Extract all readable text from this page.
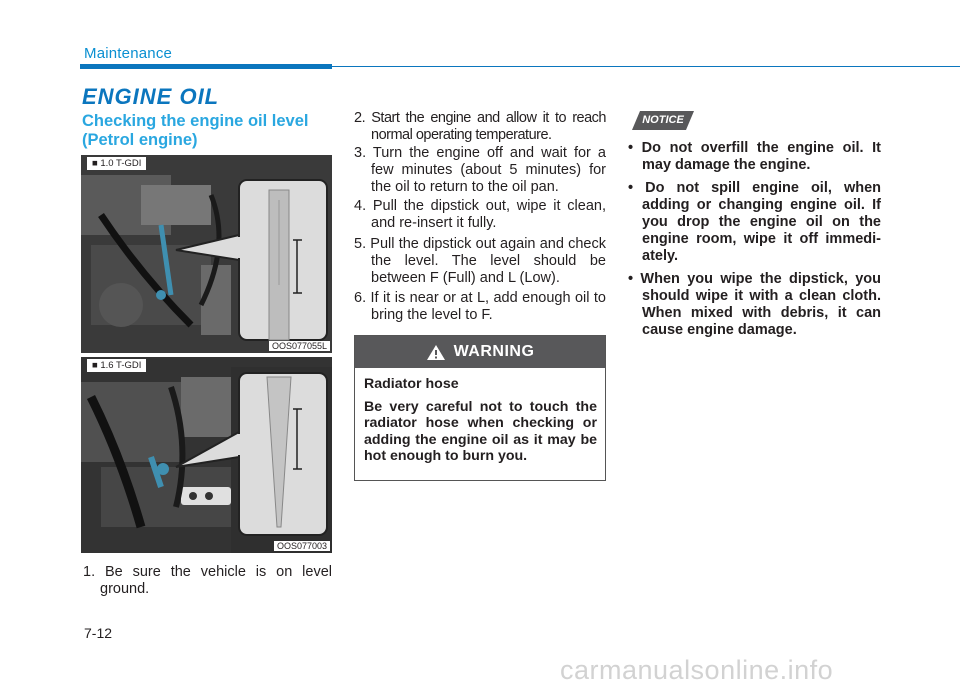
Maintenance
ENGINE OIL
Checking the engine oil level (Petrol engine)
■ 1.0 T-GDI
OOS077055L
■ 1.6 T-GDI
OOS077003
1. Be sure the vehicle is on level ground.
2. Start the engine and allow it to reach normal operating temperature.
3. Turn the engine off and wait for a few minutes (about 5 minutes) for the oil to return to the oil pan.
4. Pull the dipstick out, wipe it clean, and re-insert it fully.
5. Pull the dipstick out again and check the level. The level should be between F (Full) and L (Low).
6. If it is near or at L, add enough oil to bring the level to F.
WARNING

Radiator hose

Be very careful not to touch the radiator hose when checking or adding the engine oil as it may be hot enough to burn you.

NOTICE
• Do not overfill the engine oil. It may damage the engine.
• Do not spill engine oil, when adding or changing engine oil. If you drop the engine oil on the engine room, wipe it off immedi-ately.
• When you wipe the dipstick, you should wipe it with a clean cloth. When mixed with debris, it can cause engine damage.
7-12
carmanualsonline.info
